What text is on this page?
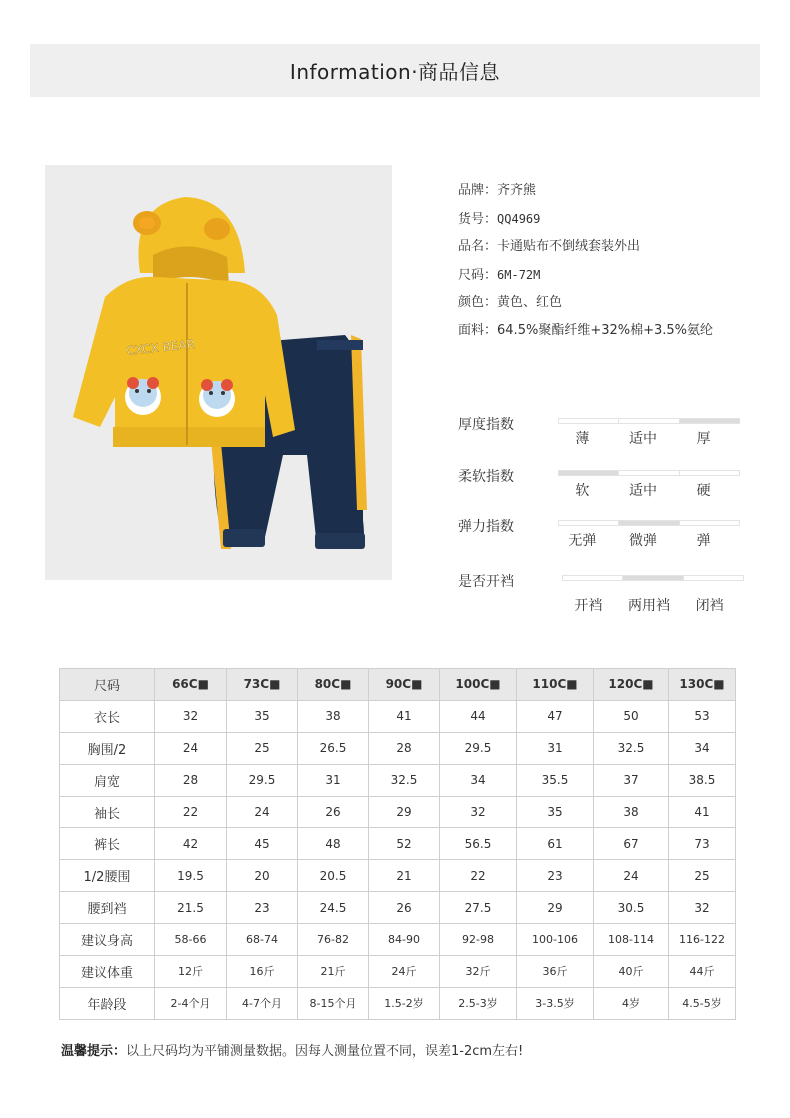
Information·商品信息
CXCX BEAR
品牌：齐齐熊
货号：QQ4969
品名：卡通贴布不倒绒套装外出
尺码：6M-72M
颜色：黄色、红色
面料：64.5%聚酯纤维+32%棉+3.5%氨纶
厚度指数
薄	适中	厚
柔软指数
软	适中	硬
弹力指数
无弹	微弹	弹
是否开裆
开裆	两用裆	闭裆
尺码	66C■	73C■	80C■	90C■	100C■	110C■	120C■	130C■
衣长	32	35	38	41	44	47	50	53
胸围/2	24	25	26.5	28	29.5	31	32.5	34
肩宽	28	29.5	31	32.5	34	35.5	37	38.5
袖长	22	24	26	29	32	35	38	41
裤长	42	45	48	52	56.5	61	67	73
1/2腰围	19.5	20	20.5	21	22	23	24	25
腰到裆	21.5	23	24.5	26	27.5	29	30.5	32
建议身高	58-66	68-74	76-82	84-90	92-98	100-106	108-114	116-122
建议体重	12斤	16斤	21斤	24斤	32斤	36斤	40斤	44斤
年龄段	2-4个月	4-7个月	8-15个月	1.5-2岁	2.5-3岁	3-3.5岁	4岁	4.5-5岁
温馨提示：以上尺码均为平铺测量数据。因每人测量位置不同，误差1-2cm左右!
